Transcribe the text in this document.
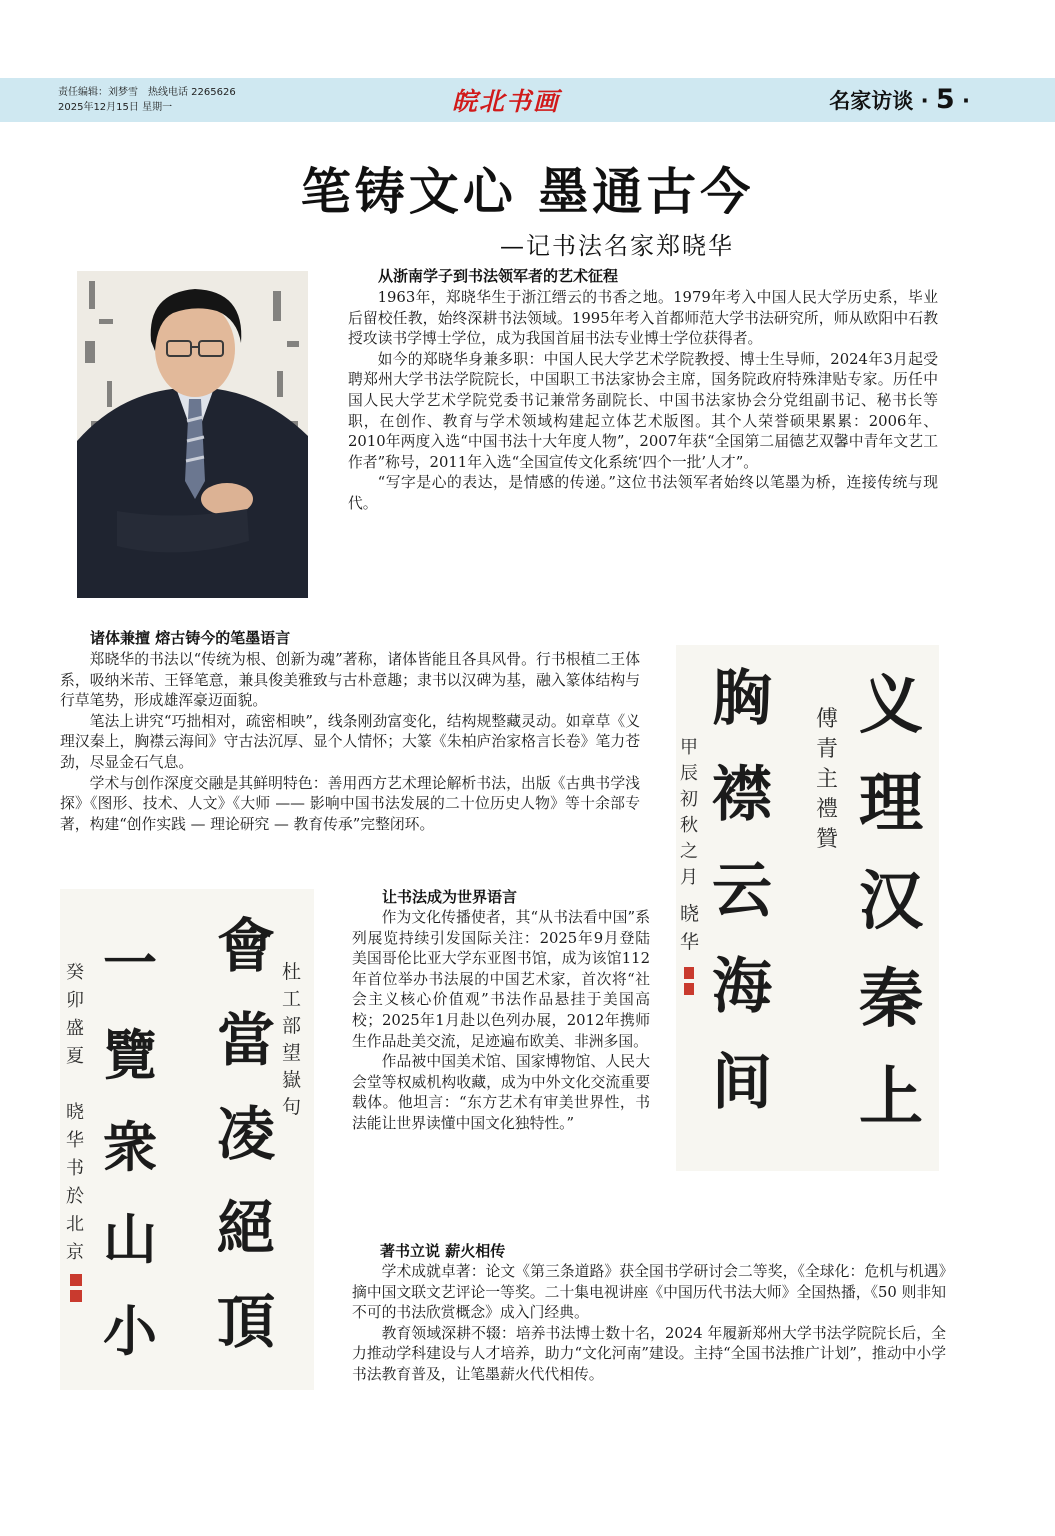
责任编辑：刘梦雪　热线电话 2265626
2025年12月15日 星期一	皖北书画	名家访谈 · 5 ·
笔铸文心 墨通古今
—记书法名家郑晓华
从浙南学子到书法领军者的艺术征程

1963年，郑晓华生于浙江缙云的书香之地。1979年考入中国人民大学历史系，毕业后留校任教，始终深耕书法领域。1995年考入首都师范大学书法研究所，师从欧阳中石教授攻读书学博士学位，成为我国首届书法专业博士学位获得者。

如今的郑晓华身兼多职：中国人民大学艺术学院教授、博士生导师，2024年3月起受聘郑州大学书法学院院长，中国职工书法家协会主席，国务院政府特殊津贴专家。历任中国人民大学艺术学院党委书记兼常务副院长、中国书法家协会分党组副书记、秘书长等职，在创作、教育与学术领域构建起立体艺术版图。其个人荣誉硕果累累：2006年、2010年两度入选“中国书法十大年度人物”，2007年获“全国第二届德艺双馨中青年文艺工作者”称号，2011年入选“全国宣传文化系统‘四个一批’人才”。

“写字是心的表达，是情感的传递。”这位书法领军者始终以笔墨为桥，连接传统与现代。

诸体兼擅 熔古铸今的笔墨语言

郑晓华的书法以“传统为根、创新为魂”著称，诸体皆能且各具风骨。行书根植二王体系，吸纳米芾、王铎笔意，兼具俊美雅致与古朴意趣；隶书以汉碑为基，融入篆体结构与行草笔势，形成雄浑豪迈面貌。

笔法上讲究“巧拙相对，疏密相映”，线条刚劲富变化，结构规整藏灵动。如章草《义理汉秦上，胸襟云海间》守古法沉厚、显个人情怀；大篆《朱柏庐治家格言长卷》笔力苍劲，尽显金石气息。

学术与创作深度交融是其鲜明特色：善用西方艺术理论解析书法，出版《古典书学浅探》《图形、技术、人文》《大师 —— 影响中国书法发展的二十位历史人物》等十余部专著，构建“创作实践 — 理论研究 — 教育传承”完整闭环。

义理汉秦上
胸襟云海间
傅青主禮贊
甲辰初秋之月
晓华
让书法成为世界语言

作为文化传播使者，其“从书法看中国”系列展览持续引发国际关注：2025年9月登陆美国哥伦比亚大学东亚图书馆，成为该馆112年首位举办书法展的中国艺术家，首次将“社会主义核心价值观”书法作品悬挂于美国高校；2025年1月赴以色列办展，2012年携师生作品赴美交流，足迹遍布欧美、非洲多国。

作品被中国美术馆、国家博物馆、人民大会堂等权威机构收藏，成为中外文化交流重要载体。他坦言：“东方艺术有审美世界性，书法能让世界读懂中国文化独特性。”

會當凌絕頂
一覽衆山小
杜工部望嶽句
癸卯盛夏
晓华书於北京	著书立说 薪火相传

学术成就卓著：论文《第三条道路》获全国书学研讨会二等奖，《全球化：危机与机遇》摘中国文联文艺评论一等奖。二十集电视讲座《中国历代书法大师》全国热播，《50 则非知不可的书法欣赏概念》成入门经典。

教育领域深耕不辍：培养书法博士数十名，2024 年履新郑州大学书法学院院长后，全力推动学科建设与人才培养，助力“文化河南”建设。主持“全国书法推广计划”，推动中小学书法教育普及，让笔墨薪火代代相传。
